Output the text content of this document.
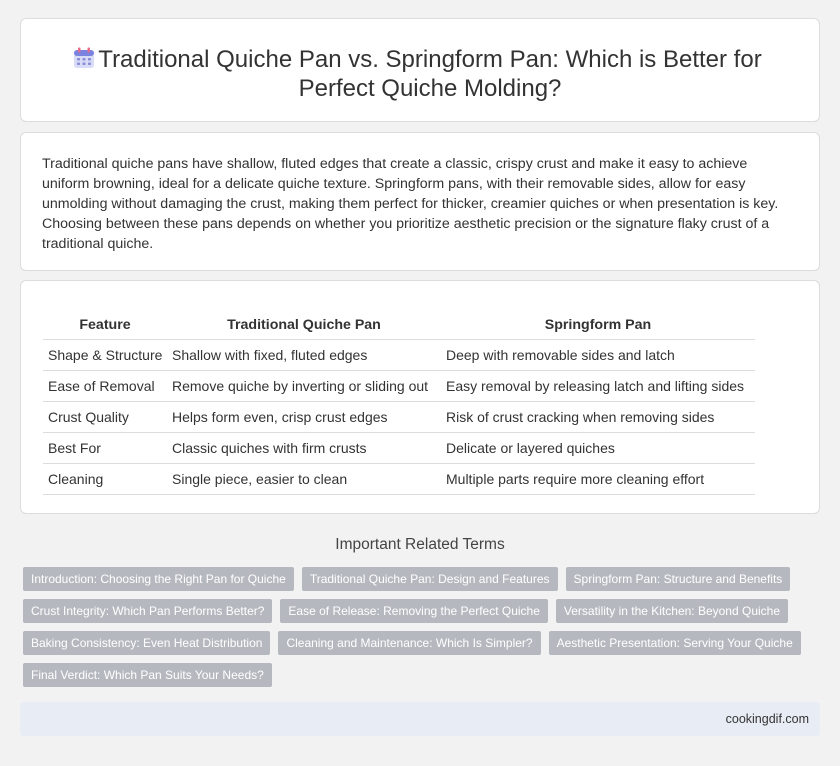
Traditional Quiche Pan vs. Springform Pan: Which is Better for Perfect Quiche Molding?

Traditional quiche pans have shallow, fluted edges that create a classic, crispy crust and make it easy to achieve uniform browning, ideal for a delicate quiche texture. Springform pans, with their removable sides, allow for easy unmolding without damaging the crust, making them perfect for thicker, creamier quiches or when presentation is key. Choosing between these pans depends on whether you prioritize aesthetic precision or the signature flaky crust of a traditional quiche.

Feature	Traditional Quiche Pan	Springform Pan
Shape & Structure	Shallow with fixed, fluted edges	Deep with removable sides and latch
Ease of Removal	Remove quiche by inverting or sliding out	Easy removal by releasing latch and lifting sides
Crust Quality	Helps form even, crisp crust edges	Risk of crust cracking when removing sides
Best For	Classic quiches with firm crusts	Delicate or layered quiches
Cleaning	Single piece, easier to clean	Multiple parts require more cleaning effort
Important Related Terms
Introduction: Choosing the Right Pan for Quiche	Traditional Quiche Pan: Design and Features	Springform Pan: Structure and Benefits
Crust Integrity: Which Pan Performs Better?	Ease of Release: Removing the Perfect Quiche	Versatility in the Kitchen: Beyond Quiche
Baking Consistency: Even Heat Distribution	Cleaning and Maintenance: Which Is Simpler?	Aesthetic Presentation: Serving Your Quiche
Final Verdict: Which Pan Suits Your Needs?
cookingdif.com
